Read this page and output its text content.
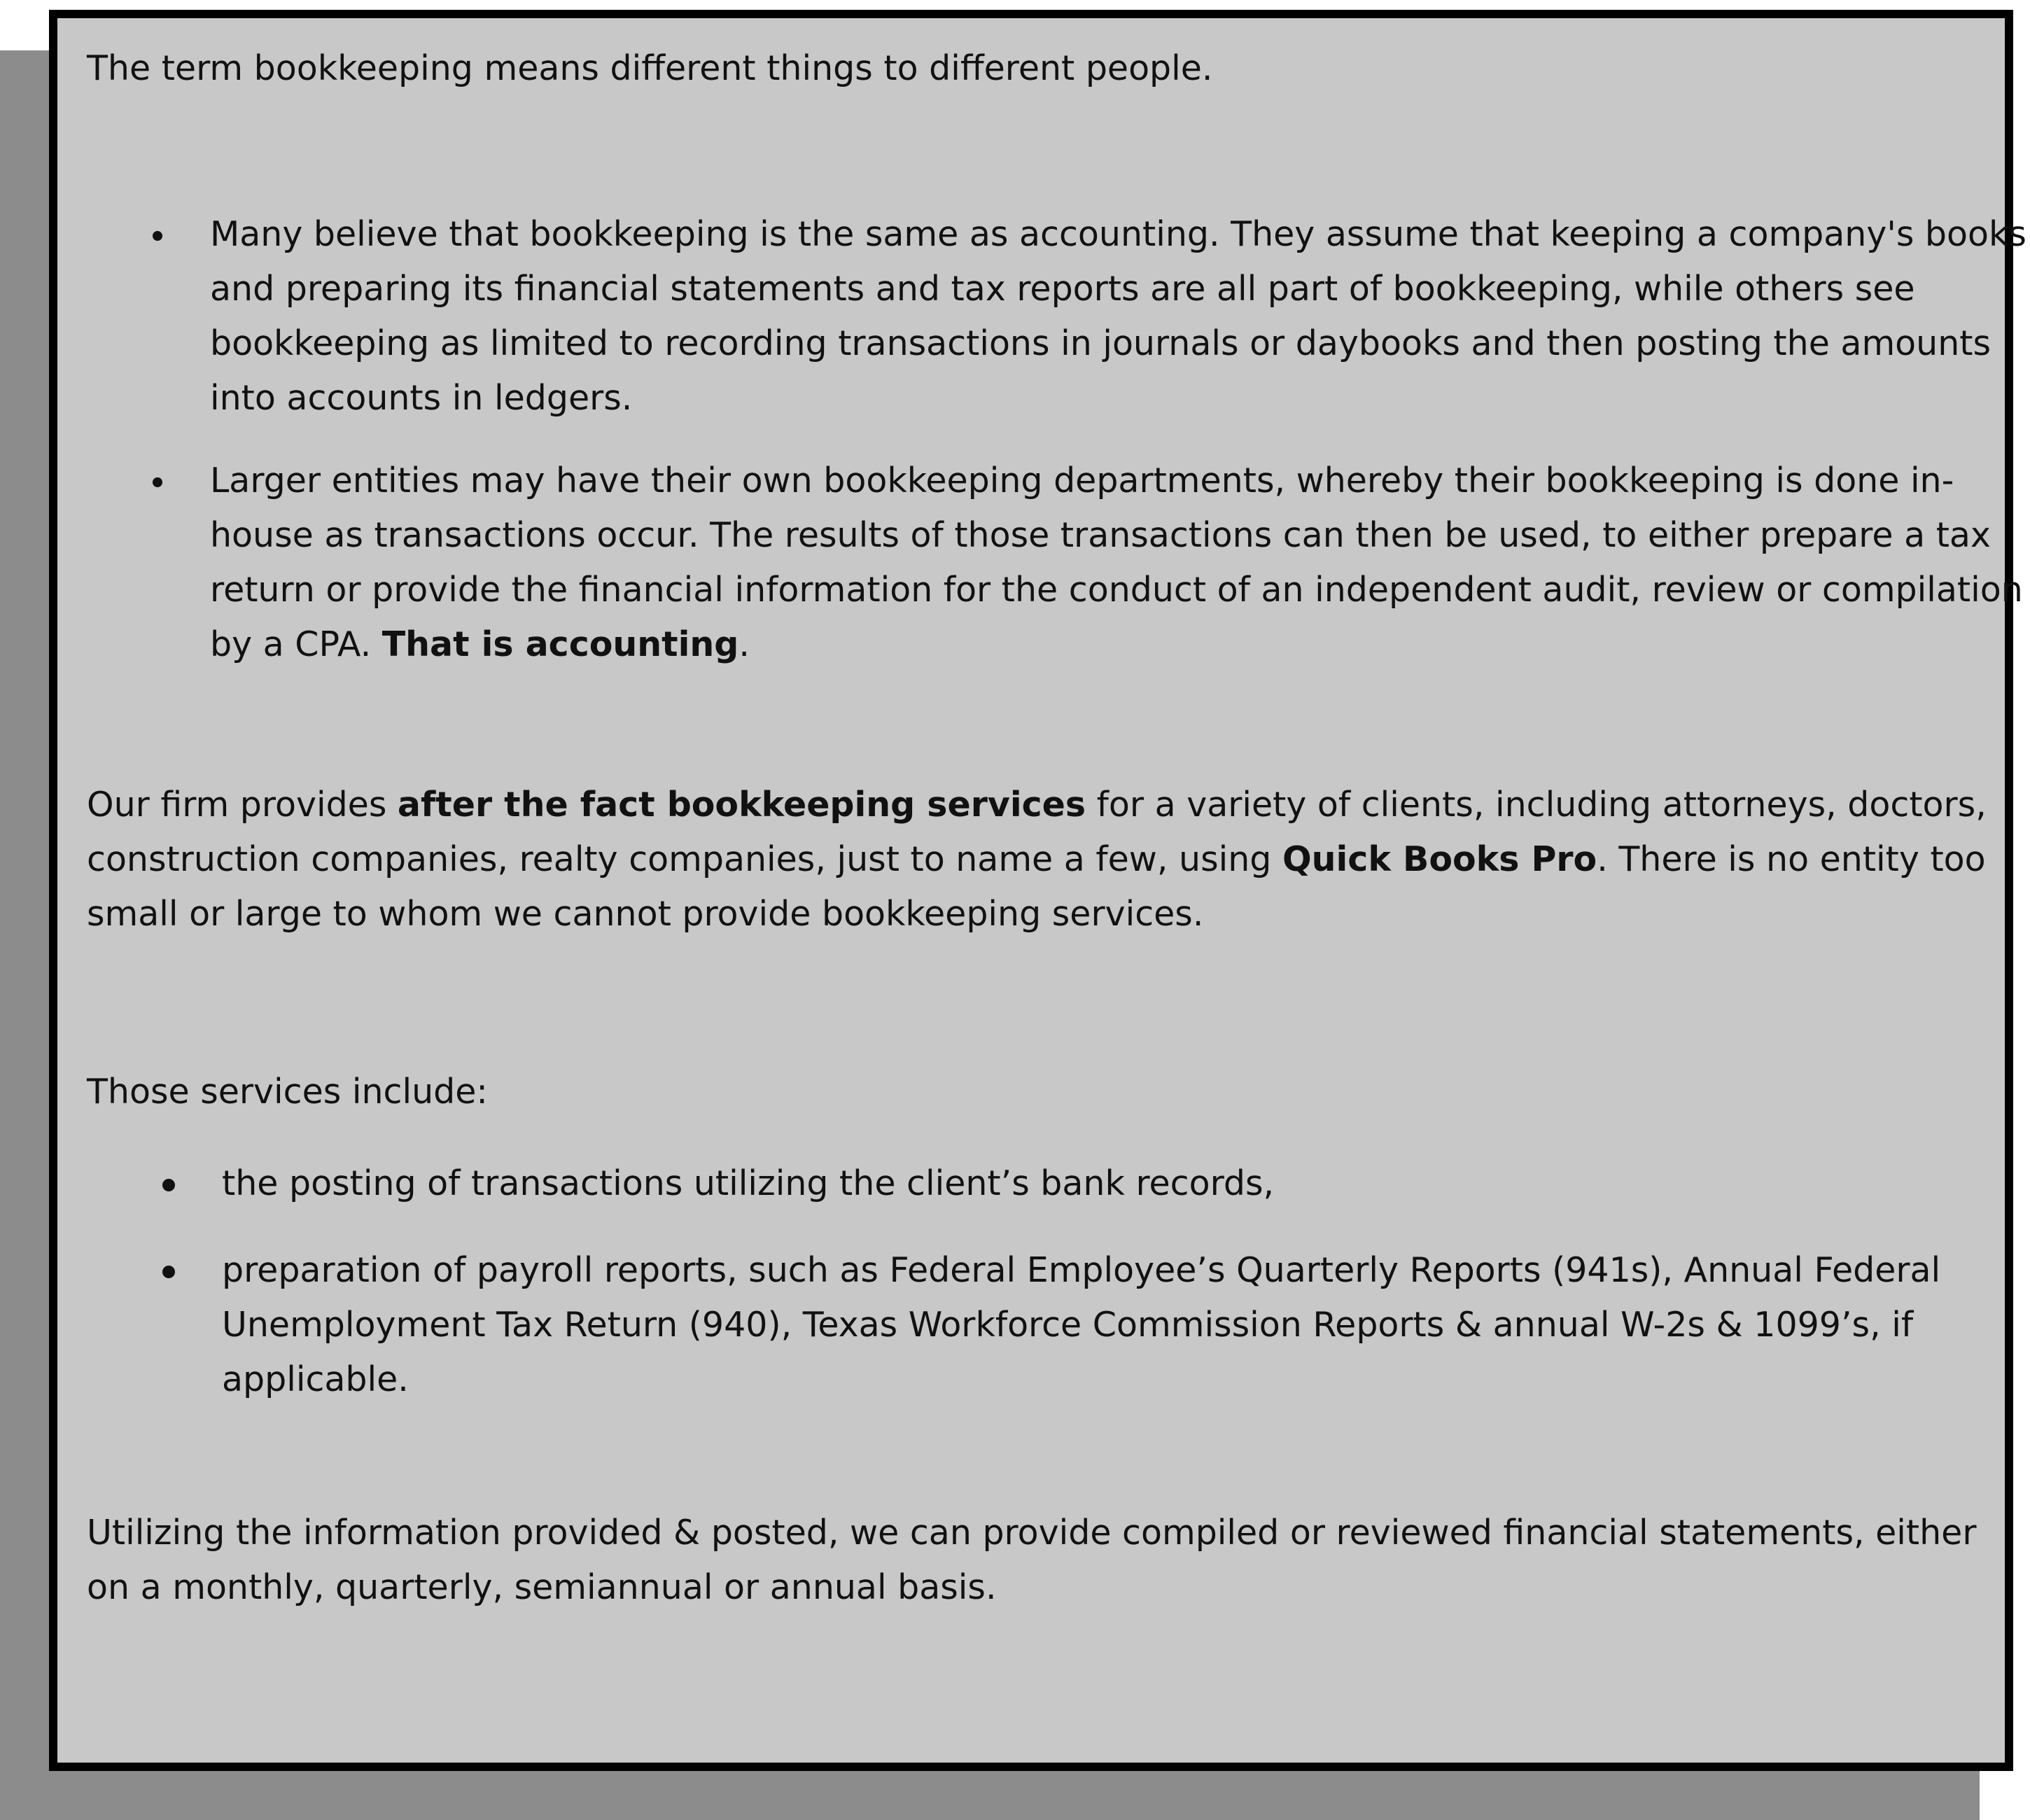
The term bookkeeping means different things to different people.

Many believe that bookkeeping is the same as accounting. They assume that keeping a company's books and preparing its financial statements and tax reports are all part of bookkeeping, while others see bookkeeping as limited to recording transactions in journals or daybooks and then posting the amounts into accounts in ledgers.

Larger entities may have their own bookkeeping departments, whereby their bookkeeping is done in-house as transactions occur. The results of those transactions can then be used, to either prepare a tax return or provide the financial information for the conduct of an independent audit, review or compilation by a CPA. That is accounting.

Our firm provides after the fact bookkeeping services for a variety of clients, including attorneys, doctors, construction companies, realty companies, just to name a few, using Quick Books Pro. There is no entity too small or large to whom we cannot provide bookkeeping services.

Those services include:

the posting of transactions utilizing the client’s bank records,

preparation of payroll reports, such as Federal Employee’s Quarterly Reports (941s), Annual Federal Unemployment Tax Return (940), Texas Workforce Commission Reports & annual W-2s & 1099’s, if applicable.

Utilizing the information provided & posted, we can provide compiled or reviewed financial statements, either on a monthly, quarterly, semiannual or annual basis.
